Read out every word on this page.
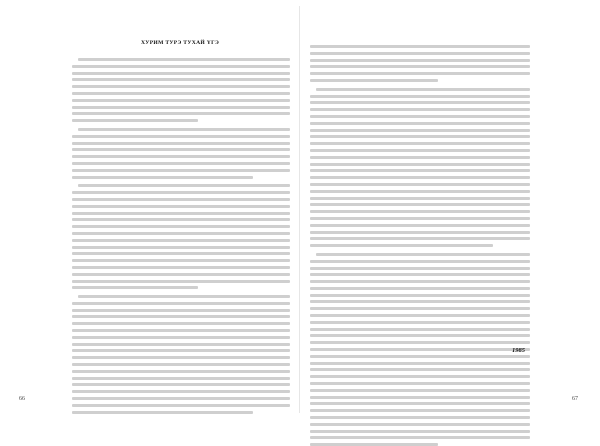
ХУРИМ ТУРЭ ТУХАЙ ҮГЭ
66
1985
67
